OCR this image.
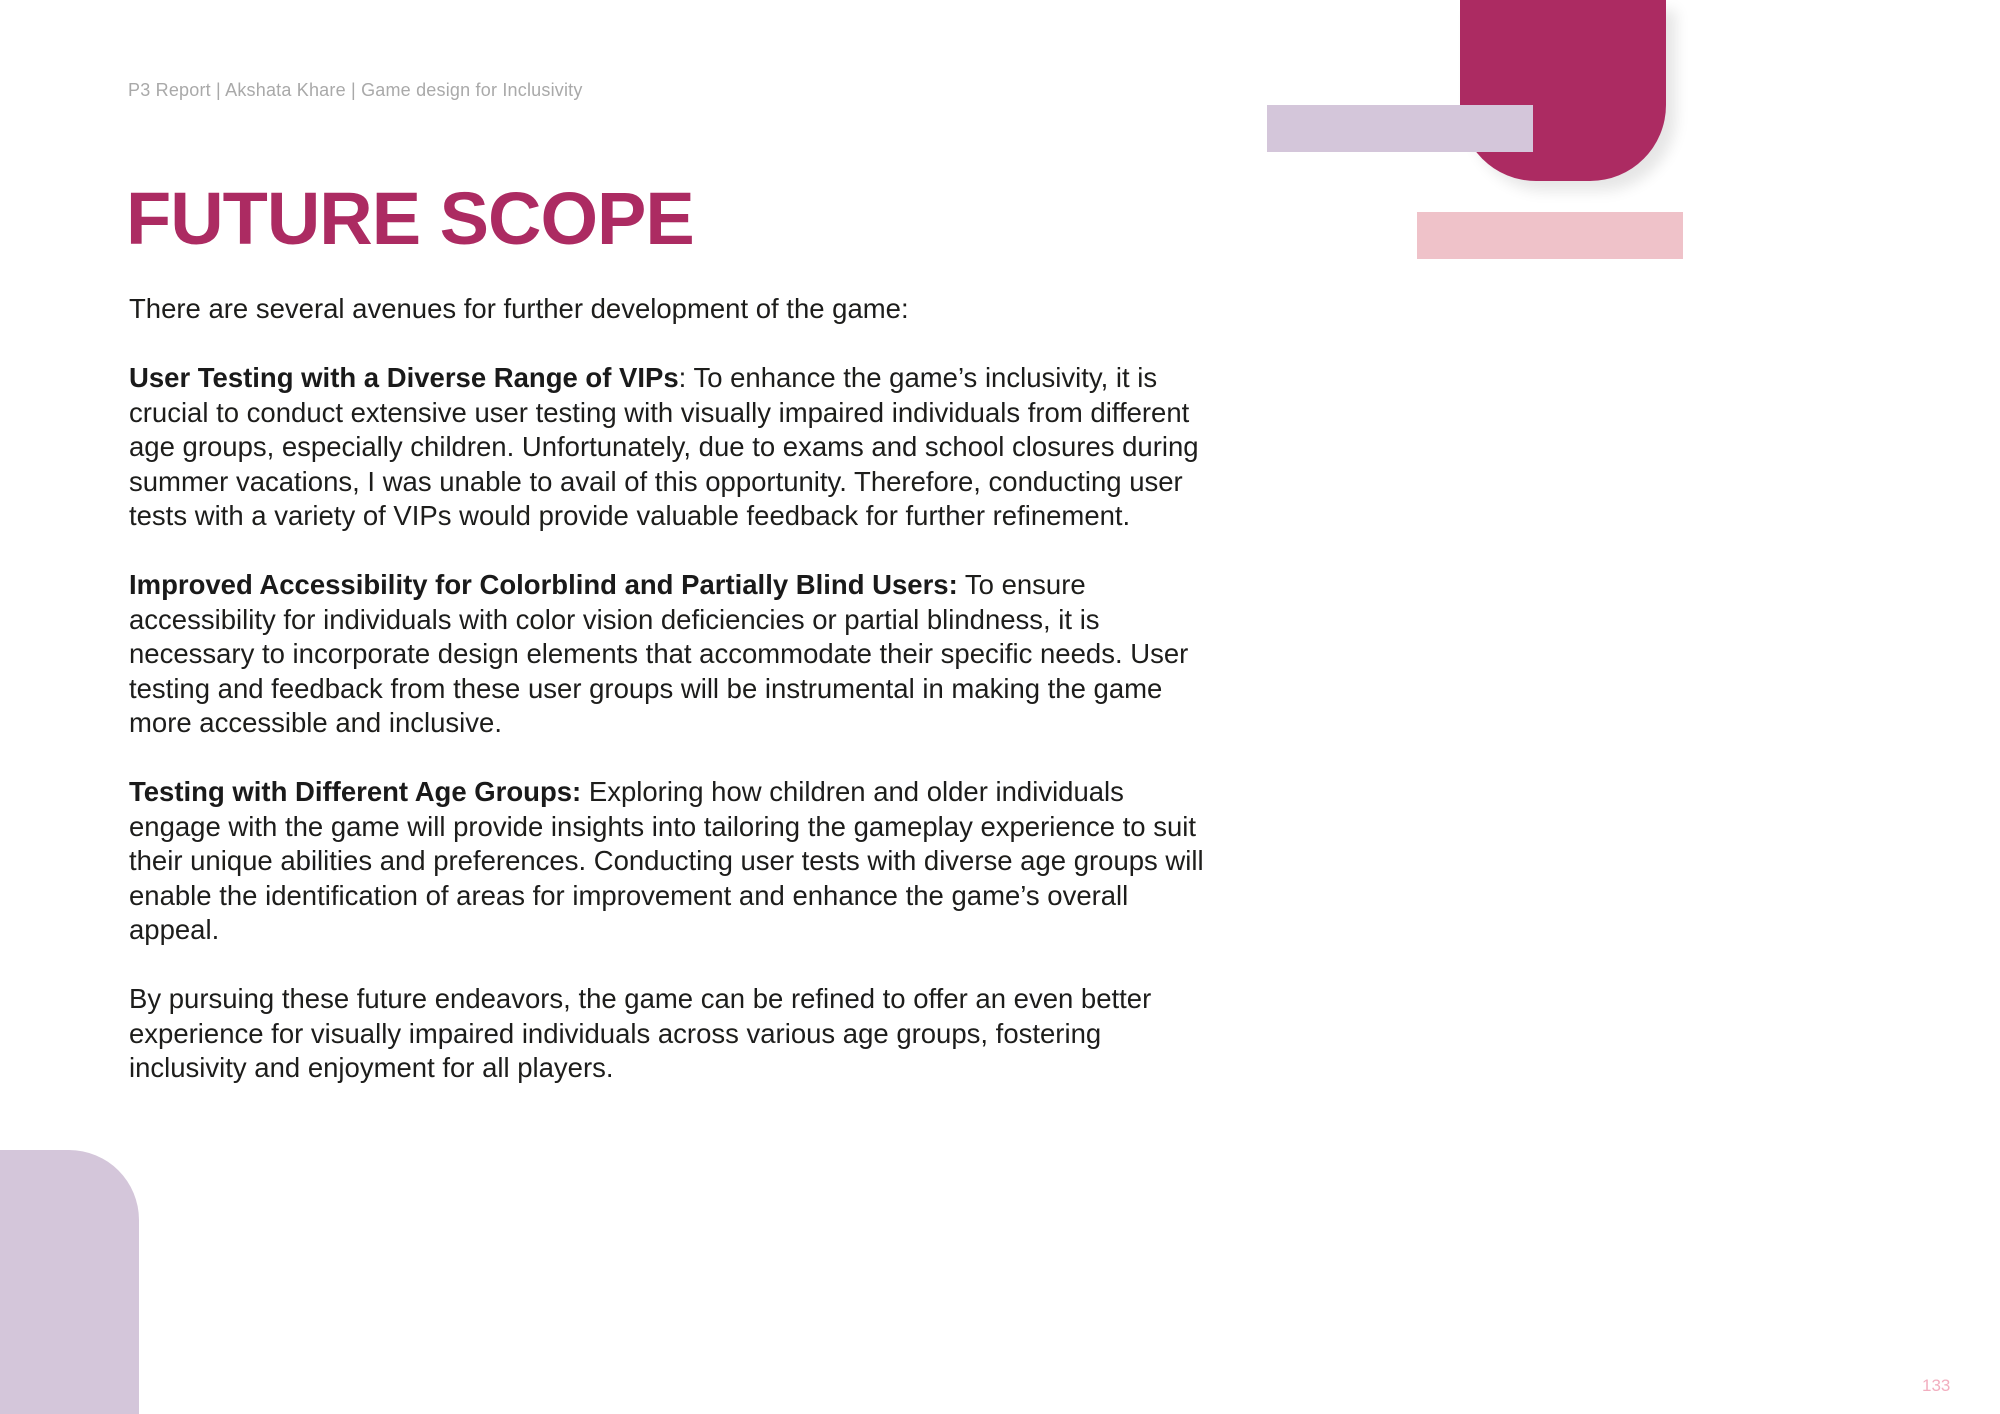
P3 Report | Akshata Khare | Game design for Inclusivity
FUTURE SCOPE

There are several avenues for further development of the game:

User Testing with a Diverse Range of VIPs: To enhance the game’s inclusivity, it is crucial to conduct extensive user testing with visually impaired individuals from different age groups, especially children. Unfortunately, due to exams and school closures during summer vacations, I was unable to avail of this opportunity. Therefore, conducting user tests with a variety of VIPs would provide valuable feedback for further refinement.

Improved Accessibility for Colorblind and Partially Blind Users: To ensure accessibility for individuals with color vision deficiencies or partial blindness, it is necessary to incorporate design elements that accommodate their specific needs. User testing and feedback from these user groups will be instrumental in making the game more accessible and inclusive.

Testing with Different Age Groups: Exploring how children and older individuals engage with the game will provide insights into tailoring the gameplay experience to suit their unique abilities and preferences. Conducting user tests with diverse age groups will enable the identification of areas for improvement and enhance the game’s overall appeal.

By pursuing these future endeavors, the game can be refined to offer an even better experience for visually impaired individuals across various age groups, fostering inclusivity and enjoyment for all players.

133
